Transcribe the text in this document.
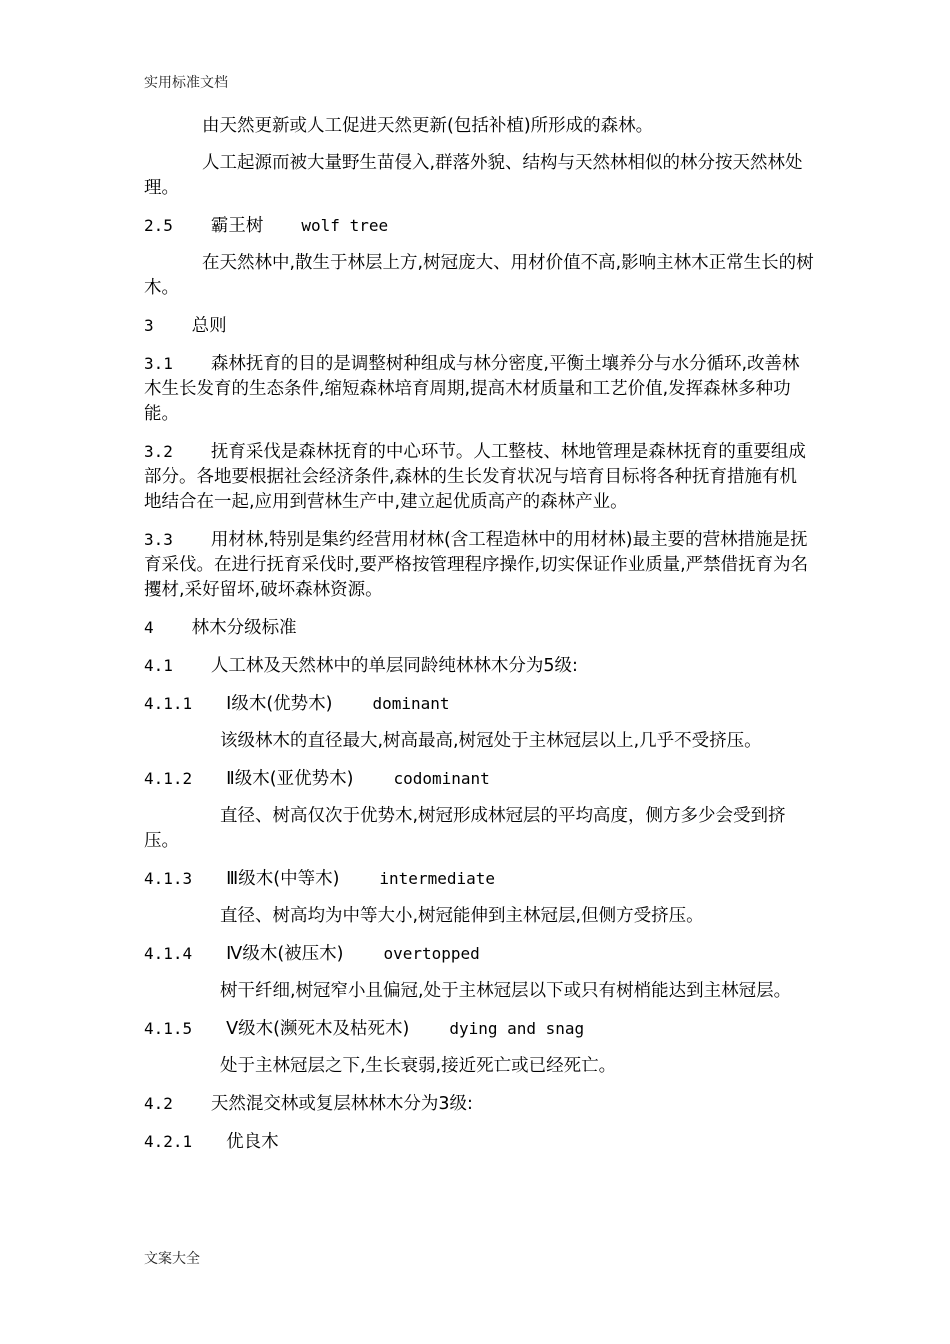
实用标准文档

由天然更新或人工促进天然更新(包括补植)所形成的森林。

人工起源而被大量野生苗侵入,群落外貌、结构与天然林相似的林分按天然林处理。

2.5 霸王树 wolf tree

在天然林中,散生于林层上方,树冠庞大、用材价值不高,影响主林木正常生长的树木。

3 总则

3.1 森林抚育的目的是调整树种组成与林分密度,平衡土壤养分与水分循环,改善林木生长发育的生态条件,缩短森林培育周期,提高木材质量和工艺价值,发挥森林多种功能。

3.2 抚育采伐是森林抚育的中心环节。人工整枝、林地管理是森林抚育的重要组成部分。各地要根据社会经济条件,森林的生长发育状况与培育目标将各种抚育措施有机地结合在一起,应用到营林生产中,建立起优质高产的森林产业。

3.3 用材林,特别是集约经营用材林(含工程造林中的用材林)最主要的营林措施是抚育采伐。在进行抚育采伐时,要严格按管理程序操作,切实保证作业质量,严禁借抚育为名攫材,采好留坏,破坏森林资源。

4 林木分级标准
4.1 人工林及天然林中的单层同龄纯林林木分为5级:
4.1.1 Ⅰ级木(优势木)	dominant

该级林木的直径最大,树高最高,树冠处于主林冠层以上,几乎不受挤压。

4.1.2 Ⅱ级木(亚优势木)	codominant

直径、树高仅次于优势木,树冠形成林冠层的平均高度，侧方多少会受到挤压。

4.1.3 Ⅲ级木(中等木)	intermediate

直径、树高均为中等大小,树冠能伸到主林冠层,但侧方受挤压。

4.1.4 Ⅳ级木(被压木)	overtopped

树干纤细,树冠窄小且偏冠,处于主林冠层以下或只有树梢能达到主林冠层。

4.1.5 Ⅴ级木(濒死木及枯死木)	dying and snag

处于主林冠层之下,生长衰弱,接近死亡或已经死亡。

4.2 天然混交林或复层林林木分为3级:
4.2.1 优良木
文案大全
